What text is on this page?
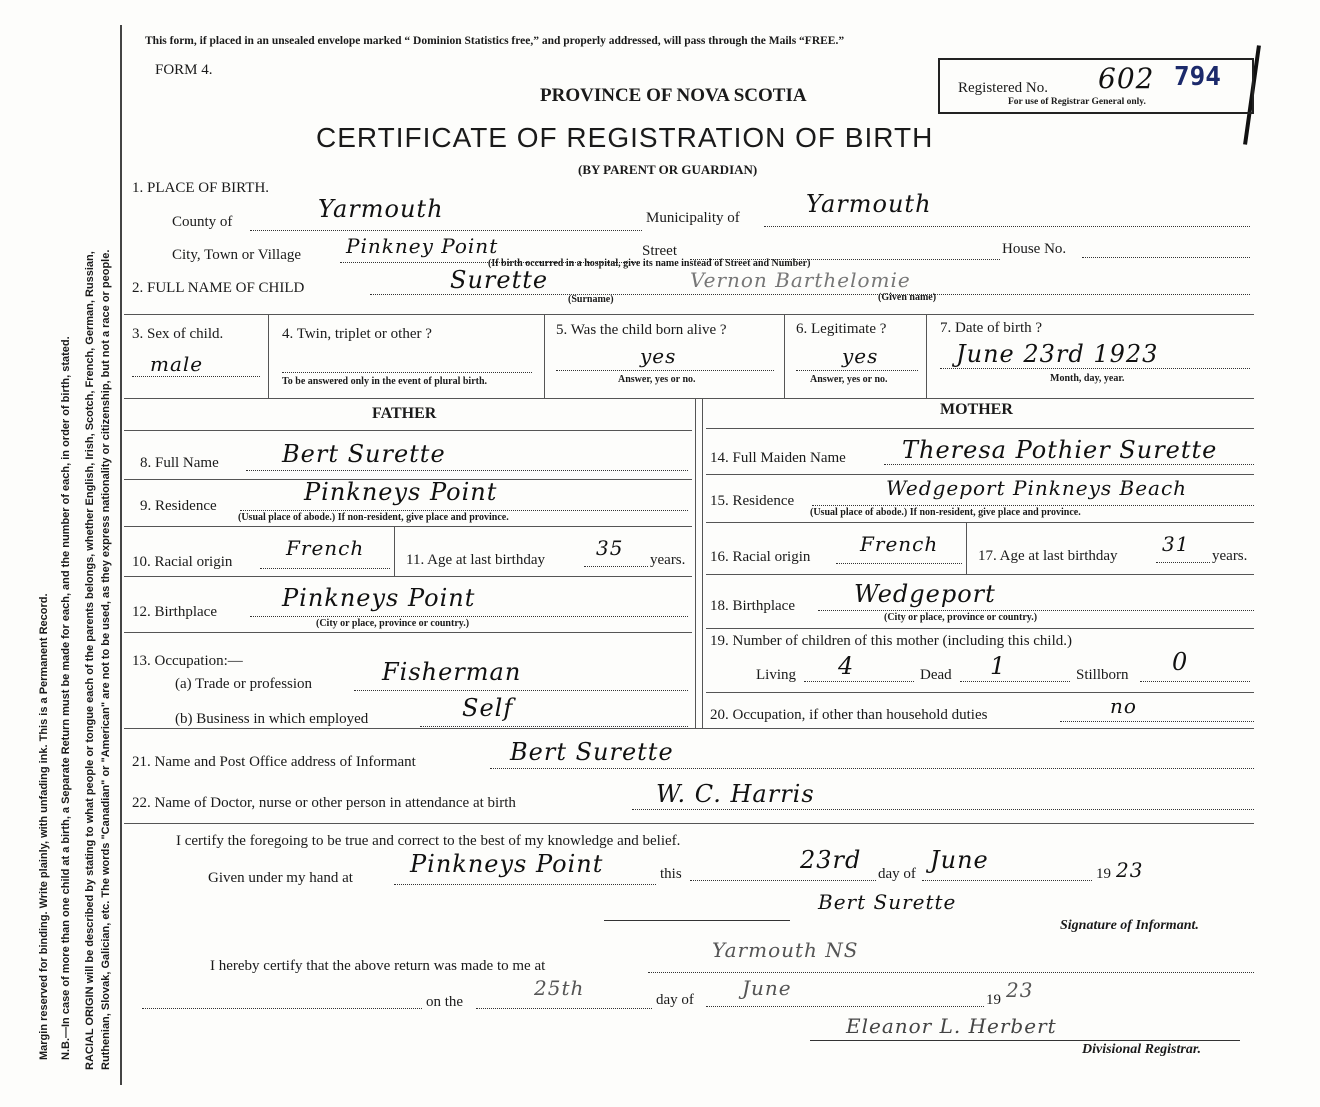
Margin reserved for binding. Write plainly, with unfading ink. This is a Permanent Record. N.B.—In case of more than one child at a birth, a Separate Return must be made for each, and the number of each, in order of birth, stated. RACIAL ORIGIN will be described by stating to what people or tongue each of the parents belongs, whether English, Irish, Scotch, French, German, Russian, Ruthenian, Slovak, Galician, etc. The words "Canadian" or "American" are not to be used, as they express nationality or citizenship, but not a race or people.
This form, if placed in an unsealed envelope marked “ Dominion Statistics free,” and properly addressed, will pass through the Mails “FREE.”
FORM 4.
Registered No. 602 794
For use of Registrar General only.
PROVINCE OF NOVA SCOTIA
CERTIFICATE OF REGISTRATION OF BIRTH
(BY PARENT OR GUARDIAN)
1. PLACE OF BIRTH.
County of	Yarmouth	Municipality of	Yarmouth
City, Town or Village Pinkney Point	Street	House No.
(If birth occurred in a hospital, give its name instead of Street and Number)
2. FULL NAME OF CHILD	Surette
(Surname)
Vernon Barthelomie
(Given name)
3. Sex of child.
male
4. Twin, triplet or other ?
To be answered only in the event of plural birth.
5. Was the child born alive ?
yes
Answer, yes or no.
6. Legitimate ?
yes
Answer, yes or no.
7. Date of birth ?
June 23rd 1923
Month, day, year.
FATHER	MOTHER
8. Full Name	Bert Surette
9. Residence	Pinkneys Point
(Usual place of abode.) If non-resident, give place and province.
10. Racial origin
French	11. Age at last birthday	35 years.
12. Birthplace	Pinkneys Point
(City or place, province or country.)
13. Occupation:—
(a) Trade or profession	Fisherman
(b) Business in which employed	Self
14. Full Maiden Name Theresa Pothier Surette
15. Residence
Wedgeport Pinkneys Beach
(Usual place of abode.) If non-resident, give place and province.
16. Racial origin
French	17. Age at last birthday 31 years.
18. Birthplace Wedgeport
(City or place, province or country.)
19. Number of children of this mother (including this child.)
Living 4	Dead 1	Stillborn 0
20. Occupation, if other than household duties	no
21. Name and Post Office address of Informant	Bert Surette
22. Name of Doctor, nurse or other person in attendance at birth	W. C. Harris
I certify the foregoing to be true and correct to the best of my knowledge and belief.
Given under my hand at Pinkneys Point	this	23rd day of June	19 23
Bert Surette
Signature of Informant.
I hereby certify that the above return was made to me at
Yarmouth NS
on the
25th	day of June	19 23
Eleanor L. Herbert
Divisional Registrar.
